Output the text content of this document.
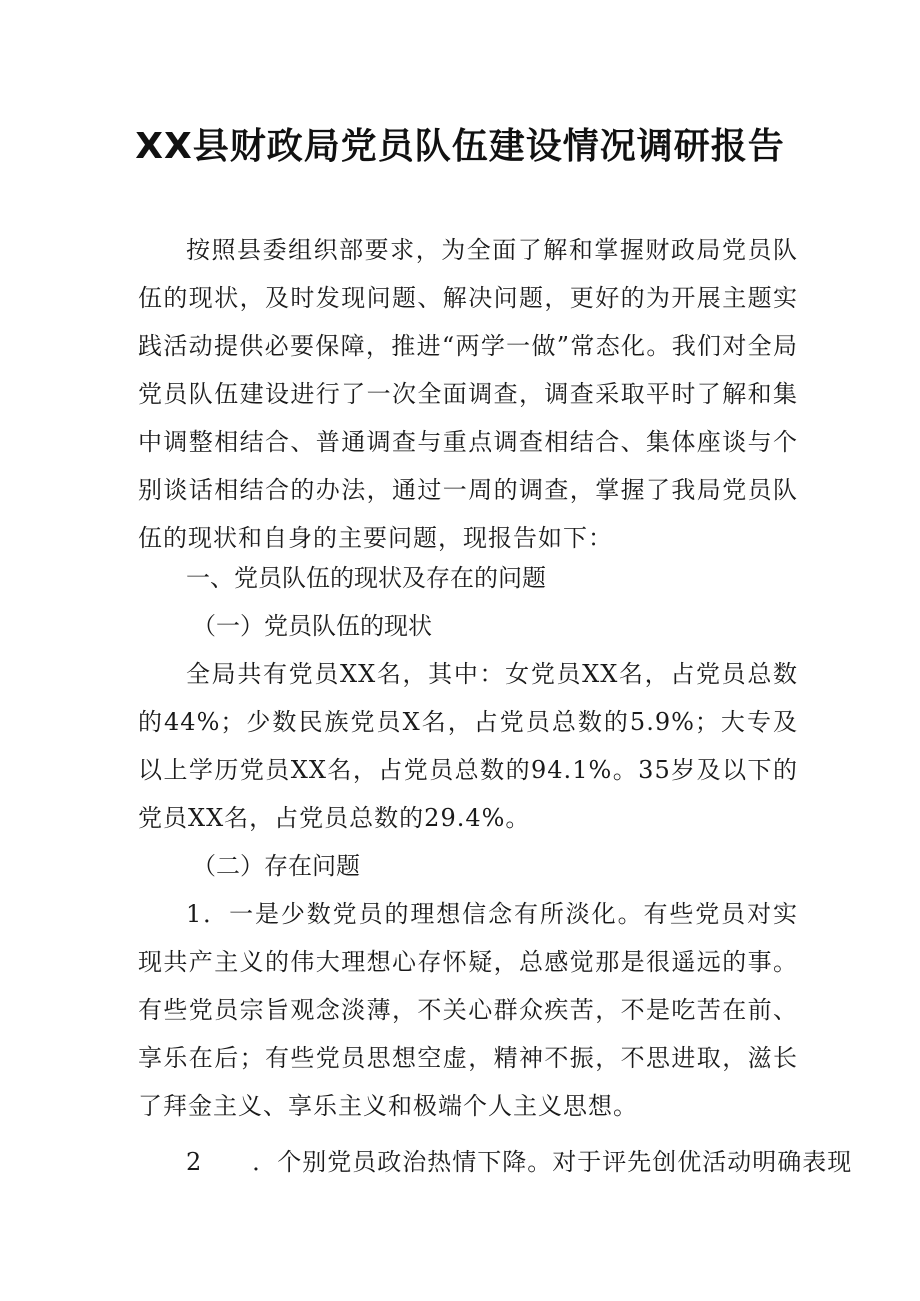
XX县财政局党员队伍建设情况调研报告

按照县委组织部要求，为全面了解和掌握财政局党员队伍的现状，及时发现问题、解决问题，更好的为开展主题实践活动提供必要保障，推进“两学一做”常态化。我们对全局党员队伍建设进行了一次全面调查，调查采取平时了解和集中调整相结合、普通调查与重点调查相结合、集体座谈与个别谈话相结合的办法，通过一周的调查，掌握了我局党员队伍的现状和自身的主要问题，现报告如下：

一、党员队伍的现状及存在的问题

（一）党员队伍的现状

全局共有党员XX名，其中：女党员XX名，占党员总数的44%；少数民族党员X名，占党员总数的5.9%；大专及以上学历党员XX名，占党员总数的94.1%。35岁及以下的党员XX名，占党员总数的29.4%。

（二）存在问题

1．一是少数党员的理想信念有所淡化。有些党员对实现共产主义的伟大理想心存怀疑，总感觉那是很遥远的事。有些党员宗旨观念淡薄，不关心群众疾苦，不是吃苦在前、享乐在后；有些党员思想空虚，精神不振，不思进取，滋长了拜金主义、享乐主义和极端个人主义思想。

2　　．个别党员政治热情下降。对于评先创优活动明确表现
